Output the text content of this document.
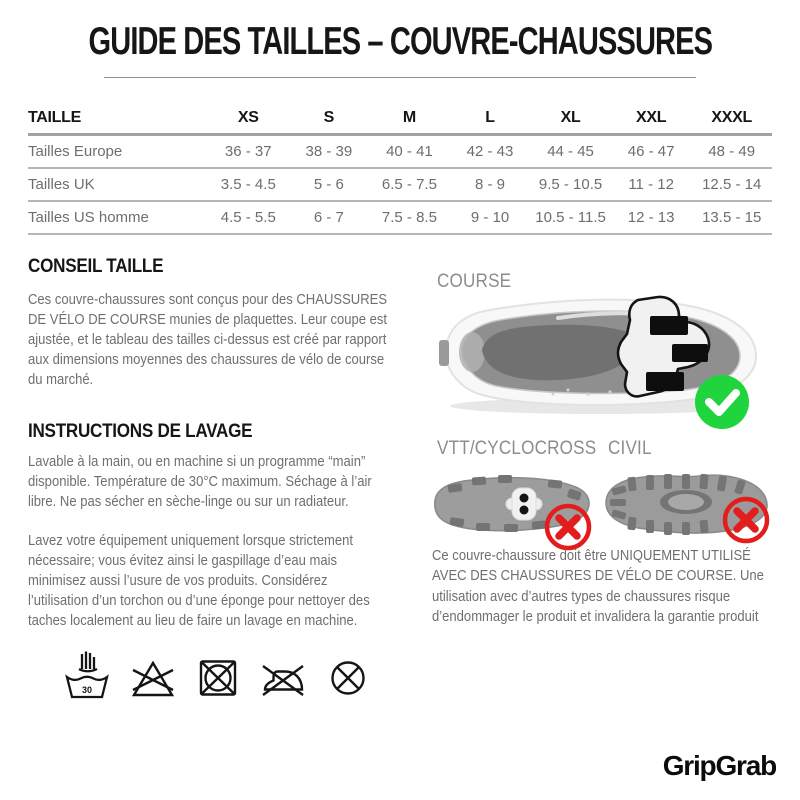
GUIDE DES TAILLES – COUVRE-CHAUSSURES
TAILLE	XS	S	M	L	XL	XXL	XXXL
Tailles Europe	36 - 37	38 - 39	40 - 41	42 - 43	44 - 45	46 - 47	48 - 49
Tailles UK	3.5 - 4.5	5 - 6	6.5 - 7.5	8 - 9	9.5 - 10.5	11 - 12	12.5 - 14
Tailles US homme	4.5 - 5.5	6 - 7	7.5 - 8.5	9 - 10	10.5 - 11.5	12 - 13	13.5 - 15
CONSEIL TAILLE
Ces couvre-chaussures sont conçus pour des CHAUSSURES DE VÉLO DE COURSE munies de plaquettes. Leur coupe est ajustée, et le tableau des tailles ci-dessus est créé par rapport aux dimensions moyennes des chaussures de vélo de course du marché.
INSTRUCTIONS DE LAVAGE
Lavable à la main, ou en machine si un programme “main” disponible. Température de 30°C maximum. Séchage à l’air libre. Ne pas sécher en sèche-linge ou sur un radiateur.
Lavez votre équipement uniquement lorsque strictement nécessaire; vous évitez ainsi le gaspillage d’eau mais minimisez aussi l’usure de vos produits. Considérez l’utilisation d’un torchon ou d’une éponge pour nettoyer des taches localement au lieu de faire un lavage en machine.
30
COURSE
VTT/CYCLOCROSS CIVIL
Ce couvre-chaussure doit être UNIQUEMENT UTILISÉ AVEC DES CHAUSSURES DE VÉLO DE COURSE. Une utilisation avec d’autres types de chaussures risque d’endommager le produit et invalidera la garantie produit
GripGrab
